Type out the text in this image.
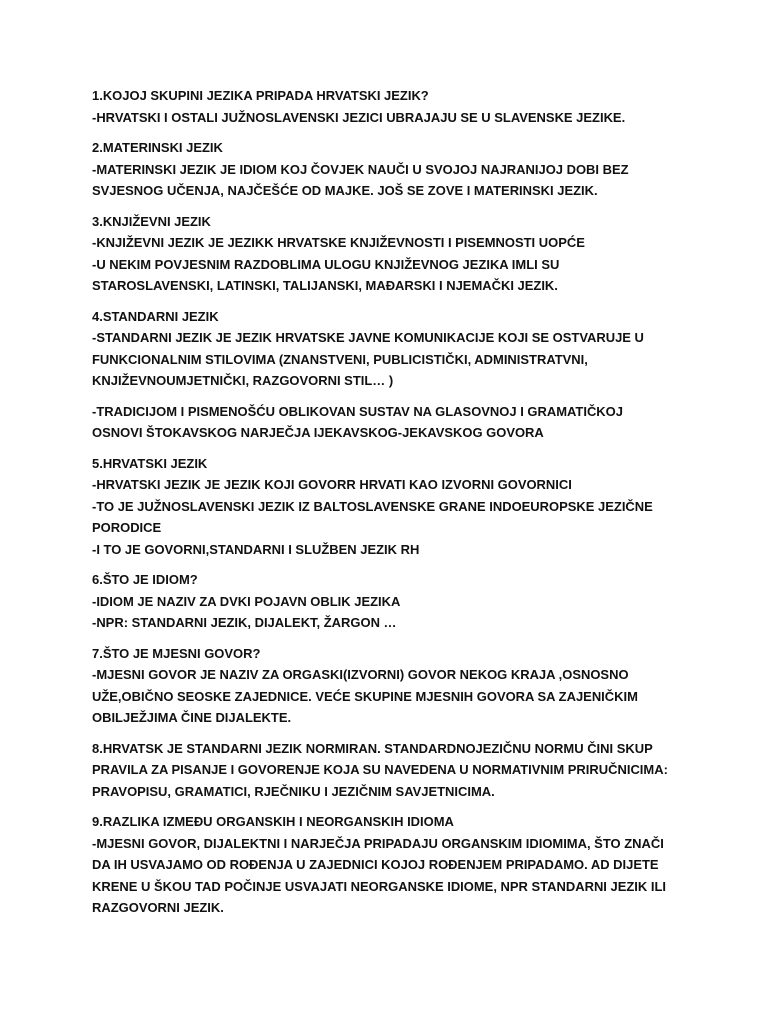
1.KOJOJ SKUPINI JEZIKA PRIPADA HRVATSKI JEZIK?
-HRVATSKI I OSTALI JUŽNOSLAVENSKI JEZICI UBRAJAJU SE U SLAVENSKE JEZIKE.
2.MATERINSKI JEZIK
-MATERINSKI JEZIK JE IDIOM KOJ ČOVJEK NAUČI U SVOJOJ NAJRANIJOJ DOBI BEZ
SVJESNOG UČENJA, NAJČEŠĆE OD MAJKE. JOŠ SE ZOVE I MATERINSKI JEZIK.
3.KNJIŽEVNI JEZIK
-KNJIŽEVNI JEZIK JE JEZIKK HRVATSKE KNJIŽEVNOSTI I PISEMNOSTI UOPĆE
-U NEKIM POVJESNIM RAZDOBLIMA ULOGU KNJIŽEVNOG JEZIKA IMLI SU
STAROSLAVENSKI, LATINSKI, TALIJANSKI, MAĐARSKI I NJEMAČKI JEZIK.
4.STANDARNI JEZIK
-STANDARNI JEZIK JE JEZIK HRVATSKE JAVNE KOMUNIKACIJE KOJI SE OSTVARUJE U
FUNKCIONALNIM STILOVIMA (ZNANSTVENI, PUBLICISTIČKI, ADMINISTRATVNI,
KNJIŽEVNOUMJETNIČKI, RAZGOVORNI STIL… )
-TRADICIJOM I PISMENOŠĆU OBLIKOVAN SUSTAV NA GLASOVNOJ I GRAMATIČKOJ
OSNOVI ŠTOKAVSKOG NARJEČJA IJEKAVSKOG-JEKAVSKOG GOVORA
5.HRVATSKI JEZIK
-HRVATSKI JEZIK JE JEZIK KOJI GOVORR HRVATI KAO IZVORNI GOVORNICI
-TO JE JUŽNOSLAVENSKI JEZIK IZ BALTOSLAVENSKE GRANE INDOEUROPSKE JEZIČNE
PORODICE
-I TO JE GOVORNI,STANDARNI I SLUŽBEN JEZIK RH
6.ŠTO JE IDIOM?
-IDIOM JE NAZIV ZA DVKI POJAVN OBLIK JEZIKA
-NPR: STANDARNI JEZIK, DIJALEKT, ŽARGON …
7.ŠTO JE MJESNI GOVOR?
-MJESNI GOVOR JE NAZIV ZA ORGASKI(IZVORNI) GOVOR NEKOG KRAJA ,OSNOSNO
UŽE,OBIČNO SEOSKE ZAJEDNICE. VEĆE SKUPINE MJESNIH GOVORA SA ZAJENIČKIM
OBILJEŽJIMA ČINE DIJALEKTE.
8.HRVATSK JE STANDARNI JEZIK NORMIRAN. STANDARDNOJEZIČNU NORMU ČINI SKUP
PRAVILA ZA PISANJE I GOVORENJE KOJA SU NAVEDENA U NORMATIVNIM PRIRUČNICIMA:
PRAVOPISU, GRAMATICI, RJEČNIKU I JEZIČNIM SAVJETNICIMA.
9.RAZLIKA IZMEĐU ORGANSKIH I NEORGANSKIH IDIOMA
-MJESNI GOVOR, DIJALEKTNI I NARJEČJA PRIPADAJU ORGANSKIM IDIOMIMA, ŠTO ZNAČI
DA IH USVAJAMO OD ROĐENJA U ZAJEDNICI KOJOJ ROĐENJEM PRIPADAMO. AD DIJETE
KRENE U ŠKOU TAD POČINJE USVAJATI NEORGANSKE IDIOME, NPR STANDARNI JEZIK ILI
RAZGOVORNI JEZIK.
